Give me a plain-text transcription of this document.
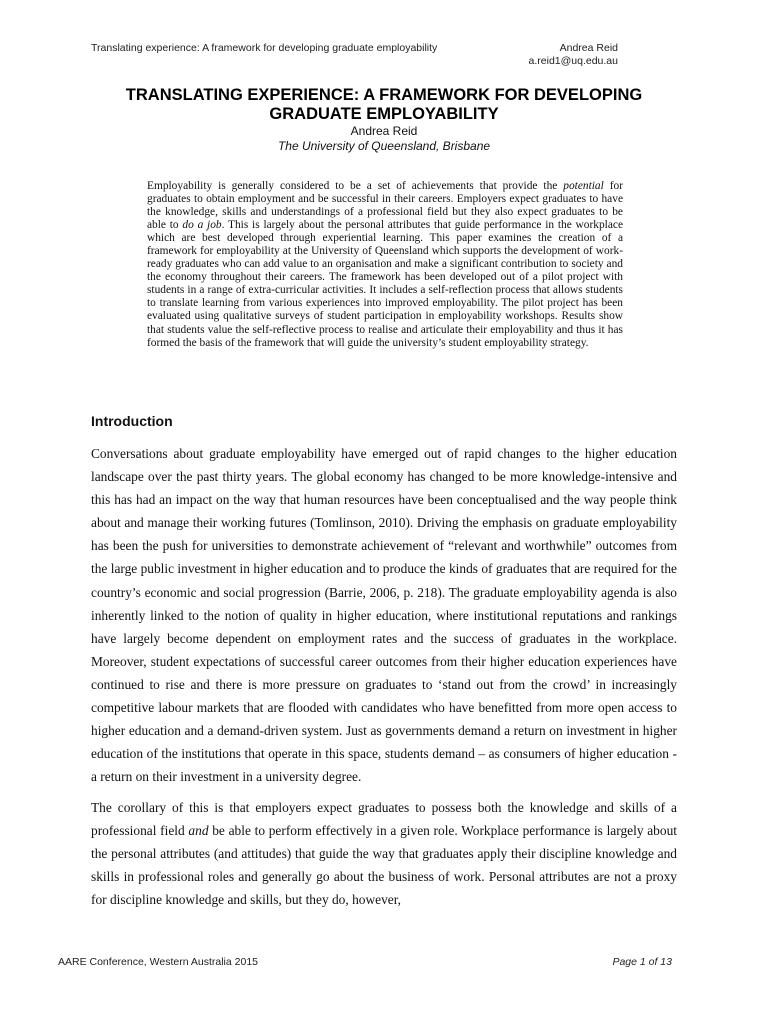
Translating experience: A framework for developing graduate employability	Andrea Reid
a.reid1@uq.edu.au
TRANSLATING EXPERIENCE: A FRAMEWORK FOR DEVELOPING
GRADUATE EMPLOYABILITY
Andrea Reid
The University of Queensland, Brisbane
Employability is generally considered to be a set of achievements that provide the potential for graduates to obtain employment and be successful in their careers. Employers expect graduates to have the knowledge, skills and understandings of a professional field but they also expect graduates to be able to do a job. This is largely about the personal attributes that guide performance in the workplace which are best developed through experiential learning. This paper examines the creation of a framework for employability at the University of Queensland which supports the development of work-ready graduates who can add value to an organisation and make a significant contribution to society and the economy throughout their careers. The framework has been developed out of a pilot project with students in a range of extra-curricular activities. It includes a self-reflection process that allows students to translate learning from various experiences into improved employability. The pilot project has been evaluated using qualitative surveys of student participation in employability workshops. Results show that students value the self-reflective process to realise and articulate their employability and thus it has formed the basis of the framework that will guide the university’s student employability strategy.
Introduction

Conversations about graduate employability have emerged out of rapid changes to the higher education landscape over the past thirty years. The global economy has changed to be more knowledge-intensive and this has had an impact on the way that human resources have been conceptualised and the way people think about and manage their working futures (Tomlinson, 2010). Driving the emphasis on graduate employability has been the push for universities to demonstrate achievement of “relevant and worthwhile” outcomes from the large public investment in higher education and to produce the kinds of graduates that are required for the country’s economic and social progression (Barrie, 2006, p. 218). The graduate employability agenda is also inherently linked to the notion of quality in higher education, where institutional reputations and rankings have largely become dependent on employment rates and the success of graduates in the workplace. Moreover, student expectations of successful career outcomes from their higher education experiences have continued to rise and there is more pressure on graduates to ‘stand out from the crowd’ in increasingly competitive labour markets that are flooded with candidates who have benefitted from more open access to higher education and a demand-driven system. Just as governments demand a return on investment in higher education of the institutions that operate in this space, students demand – as consumers of higher education - a return on their investment in a university degree.

The corollary of this is that employers expect graduates to possess both the knowledge and skills of a professional field and be able to perform effectively in a given role. Workplace performance is largely about the personal attributes (and attitudes) that guide the way that graduates apply their discipline knowledge and skills in professional roles and generally go about the business of work. Personal attributes are not a proxy for discipline knowledge and skills, but they do, however,

AARE Conference, Western Australia 2015	Page 1 of 13
